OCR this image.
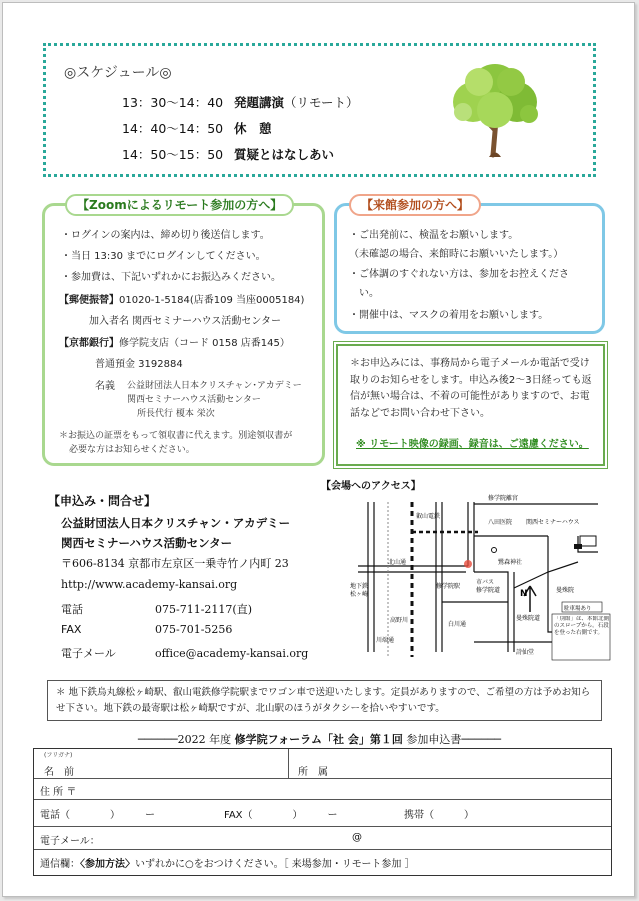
◎スケジュール◎
13：30〜14：40 発題講演（リモート）
14：40〜14：50 休　憩
14：50〜15：50 質疑とはなしあい
【Zoomによるリモート参加の方へ】
・ログインの案内は、締め切り後送信します。
・当日 13:30 までにログインしてください。
・参加費は、下記いずれかにお振込みください。
【郵便振替】01020-1-5184(店番109 当座0005184)
加入者名 関西セミナーハウス活動センター
【京都銀行】修学院支店（コード 0158 店番145）
普通預金 3192884
名義 公益財団法人日本クリスチャン･アカデミー
関西セミナーハウス活動センター
所長代行 榎本 栄次
＊お振込の証票をもって領収書に代えます。別途領収書が
必要な方はお知らせください。
【来館参加の方へ】
・ご出発前に、検温をお願いします。
（未確認の場合、来館時にお願いいたします。）
・ご体調のすぐれない方は、参加をお控えくださ
い。
・開催中は、マスクの着用をお願いします。
＊お申込みには、事務局から電子メールか電話で受け取りのお知らせをします。申込み後2〜3日経っても返信が無い場合は、不着の可能性がありますので、お電話などでお問い合わせ下さい。
※ リモート映像の録画、録音は、ご遠慮ください。
【申込み・問合せ】
公益財団法人日本クリスチャン・アカデミー
関西セミナーハウス活動センター
〒606-8134 京都市左京区一乗寺竹ノ内町 23
http://www.academy-kansai.org
電話	075-711-2117(直)
FAX	075-701-5256
電子メール	office@academy-kansai.org
【会場へのアクセス】
修学院離宮
八田医院 関西セミナーハウス
北山通	鷺森神社
地下鉄
松ヶ崎
叡山電鉄
修学院駅
市バス
修学院道	曼殊院
駐車場あり
高野川
川端通
白川通
曼殊院道
詩仙堂
N
「別館」は、本館北側のスロープから。石段を登った右側です。
＊ 地下鉄烏丸線松ヶ崎駅、叡山電鉄修学院駅までワゴン車で送迎いたします。定員がありますので、ご希望の方は予めお知らせ下さい。地下鉄の最寄駅は松ヶ崎駅ですが、北山駅のほうがタクシーを拾いやすいです。
──────2022 年度 修学院フォーラム「社 会」第１回 参加申込書──────
(フリガナ)
名　前	所　属
住 所 〒
電話（　　　　）　　　ー	FAX（　　　　）　　　ー	携帯（　　　）
電子メール：	@
通信欄：〈参加方法〉いずれかに○をおつけください。［ 来場参加・リモート参加 ］
